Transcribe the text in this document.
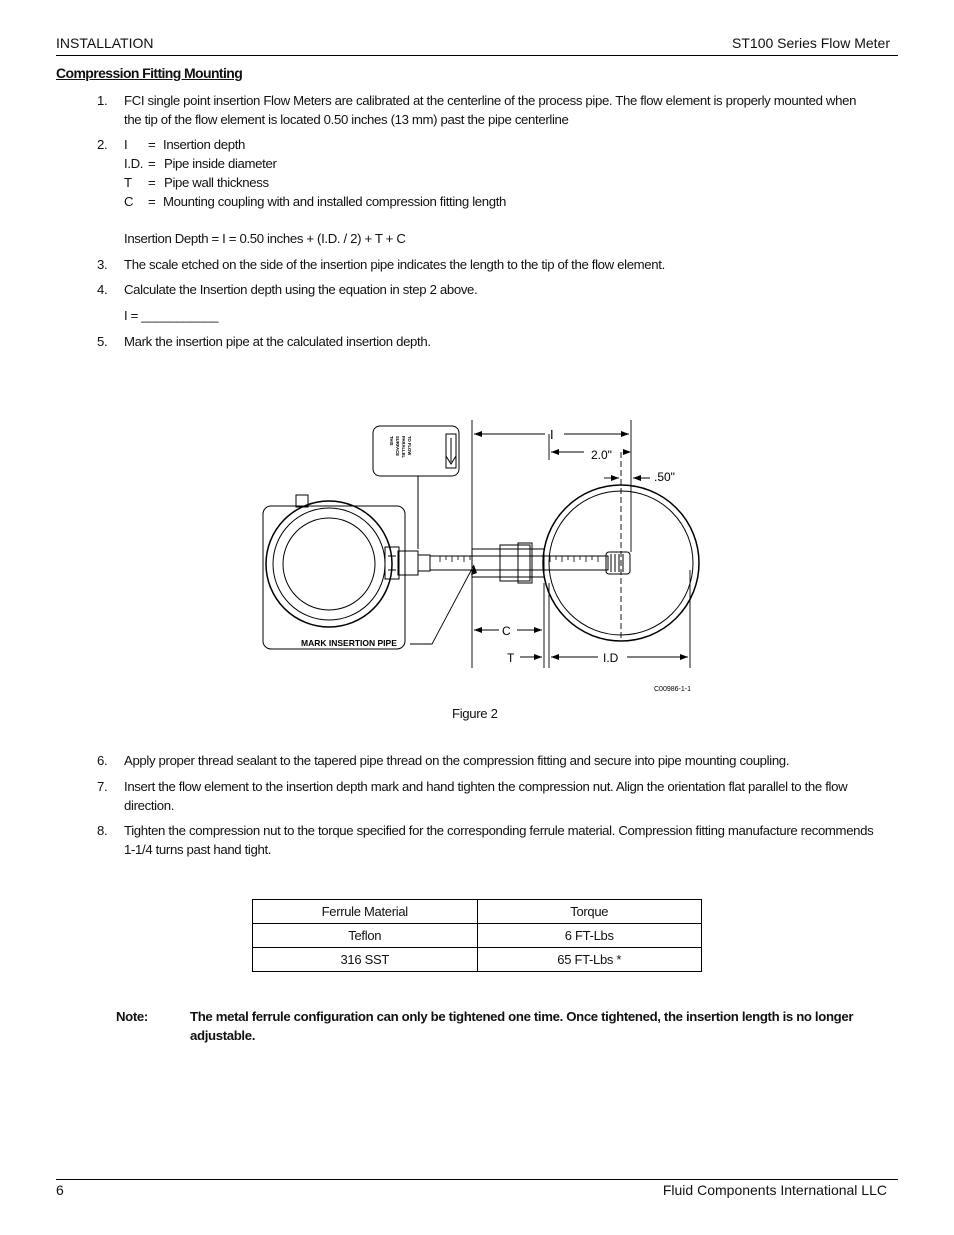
INSTALLATION	ST100 Series Flow Meter
Compression Fitting Mounting
1.	FCI single point insertion Flow Meters are calibrated at the centerline of the process pipe. The flow element is properly mounted when
the tip of the flow element is located 0.50 inches (13 mm) past the pipe centerline
2.	I = Insertion depth
I.D. = Pipe inside diameter
T = Pipe wall thickness
C = Mounting coupling with and installed compression fitting length
Insertion Depth = I = 0.50 inches + (I.D. / 2) + T + C
3.	The scale etched on the side of the insertion pipe indicates the length to the tip of the flow element.
4.	Calculate the Insertion depth using the equation in step 2 above.
I = ___________
5.	Mark the insertion pipe at the calculated insertion depth.
I
2.0"
.50"
C
T	I.D
MARK INSERTION PIPE
C00986-1-1
THIS SURFACE PARALLEL TO FLOW
Figure 2
6.	Apply proper thread sealant to the tapered pipe thread on the compression fitting and secure into pipe mounting coupling.
7.	Insert the flow element to the insertion depth mark and hand tighten the compression nut. Align the orientation flat parallel to the flow
direction.
8.	Tighten the compression nut to the torque specified for the corresponding ferrule material. Compression fitting manufacture recommends
1-1/4 turns past hand tight.
Ferrule Material	Torque
Teflon	6 FT-Lbs
316 SST	65 FT-Lbs *
Note:	The metal ferrule configuration can only be tightened one time. Once tightened, the insertion length is no longer
adjustable.
6	Fluid Components International LLC
